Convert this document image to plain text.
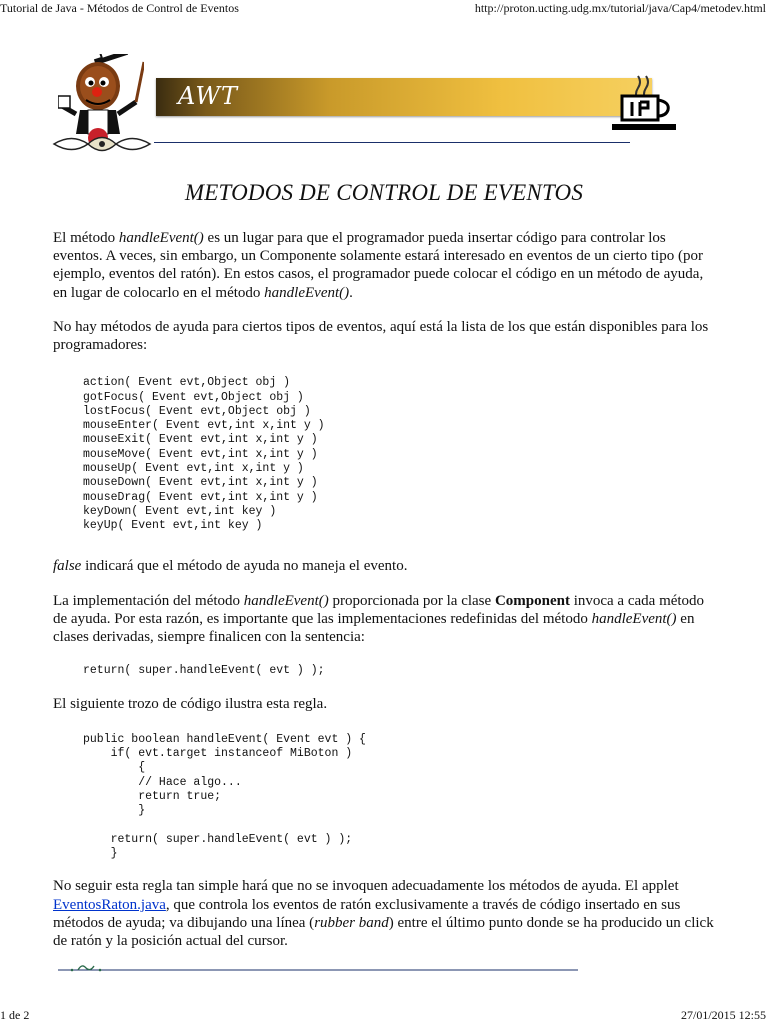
Tutorial de Java - Métodos de Control de Eventos	http://proton.ucting.udg.mx/tutorial/java/Cap4/metodev.html
AWT
METODOS DE CONTROL DE EVENTOS

El método handleEvent() es un lugar para que el programador pueda insertar código para controlar los eventos. A veces, sin embargo, un Componente solamente estará interesado en eventos de un cierto tipo (por ejemplo, eventos del ratón). En estos casos, el programador puede colocar el código en un método de ayuda, en lugar de colocarlo en el método handleEvent().

No hay métodos de ayuda para ciertos tipos de eventos, aquí está la lista de los que están disponibles para los programadores:

action( Event evt,Object obj )
gotFocus( Event evt,Object obj )
lostFocus( Event evt,Object obj )
mouseEnter( Event evt,int x,int y )
mouseExit( Event evt,int x,int y )
mouseMove( Event evt,int x,int y )
mouseUp( Event evt,int x,int y )
mouseDown( Event evt,int x,int y )
mouseDrag( Event evt,int x,int y )
keyDown( Event evt,int key )
keyUp( Event evt,int key )

false indicará que el método de ayuda no maneja el evento.

La implementación del método handleEvent() proporcionada por la clase Component invoca a cada método de ayuda. Por esta razón, es importante que las implementaciones redefinidas del método handleEvent() en clases derivadas, siempre finalicen con la sentencia:

return( super.handleEvent( evt ) );

El siguiente trozo de código ilustra esta regla.

public boolean handleEvent( Event evt ) {
if( evt.target instanceof MiBoton )
{
// Hace algo...
return true;
}
return( super.handleEvent( evt ) );
}

No seguir esta regla tan simple hará que no se invoquen adecuadamente los métodos de ayuda. El applet EventosRaton.java, que controla los eventos de ratón exclusivamente a través de código insertado en sus métodos de ayuda; va dibujando una línea (rubber band) entre el último punto donde se ha producido un click de ratón y la posición actual del cursor.

1 de 2	27/01/2015 12:55
